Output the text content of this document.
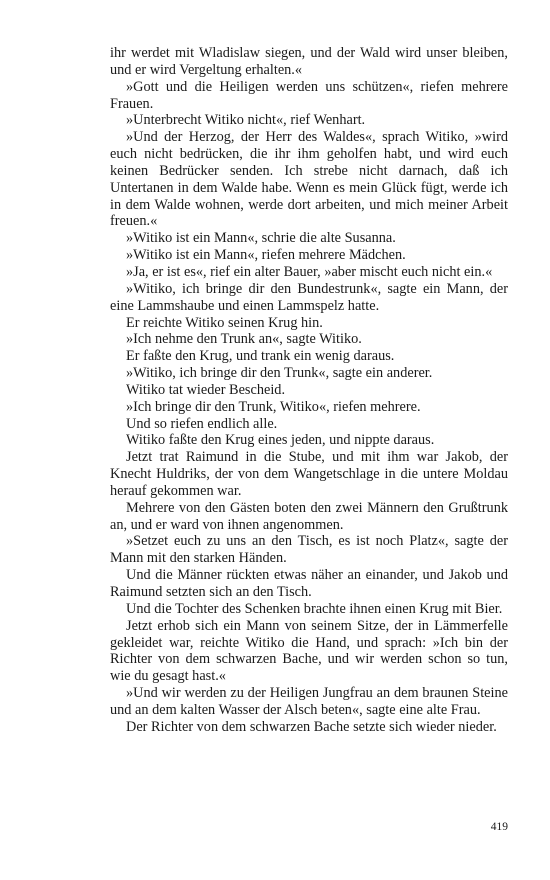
ihr werdet mit Wladislaw siegen, und der Wald wird unser bleiben, und er wird Vergeltung erhalten.«

»Gott und die Heiligen werden uns schützen«, riefen mehrere Frauen.

»Unterbrecht Witiko nicht«, rief Wenhart.

»Und der Herzog, der Herr des Waldes«, sprach Witiko, »wird euch nicht bedrücken, die ihr ihm geholfen habt, und wird euch keinen Bedrücker senden. Ich strebe nicht darnach, daß ich Untertanen in dem Walde habe. Wenn es mein Glück fügt, werde ich in dem Walde wohnen, werde dort arbeiten, und mich meiner Arbeit freuen.«

»Witiko ist ein Mann«, schrie die alte Susanna.

»Witiko ist ein Mann«, riefen mehrere Mädchen.

»Ja, er ist es«, rief ein alter Bauer, »aber mischt euch nicht ein.«

»Witiko, ich bringe dir den Bundestrunk«, sagte ein Mann, der eine Lammshaube und einen Lammspelz hatte.

Er reichte Witiko seinen Krug hin.

»Ich nehme den Trunk an«, sagte Witiko.

Er faßte den Krug, und trank ein wenig daraus.

»Witiko, ich bringe dir den Trunk«, sagte ein anderer.

Witiko tat wieder Bescheid.

»Ich bringe dir den Trunk, Witiko«, riefen mehrere.

Und so riefen endlich alle.

Witiko faßte den Krug eines jeden, und nippte daraus.

Jetzt trat Raimund in die Stube, und mit ihm war Jakob, der Knecht Huldriks, der von dem Wangetschlage in die untere Moldau herauf gekommen war.

Mehrere von den Gästen boten den zwei Männern den Grußtrunk an, und er ward von ihnen angenommen.

»Setzet euch zu uns an den Tisch, es ist noch Platz«, sagte der Mann mit den starken Händen.

Und die Männer rückten etwas näher an einander, und Jakob und Raimund setzten sich an den Tisch.

Und die Tochter des Schenken brachte ihnen einen Krug mit Bier.

Jetzt erhob sich ein Mann von seinem Sitze, der in Lämmerfelle gekleidet war, reichte Witiko die Hand, und sprach: »Ich bin der Richter von dem schwarzen Bache, und wir werden schon so tun, wie du gesagt hast.«

»Und wir werden zu der Heiligen Jungfrau an dem braunen Steine und an dem kalten Wasser der Alsch beten«, sagte eine alte Frau.

Der Richter von dem schwarzen Bache setzte sich wieder nieder.

419
